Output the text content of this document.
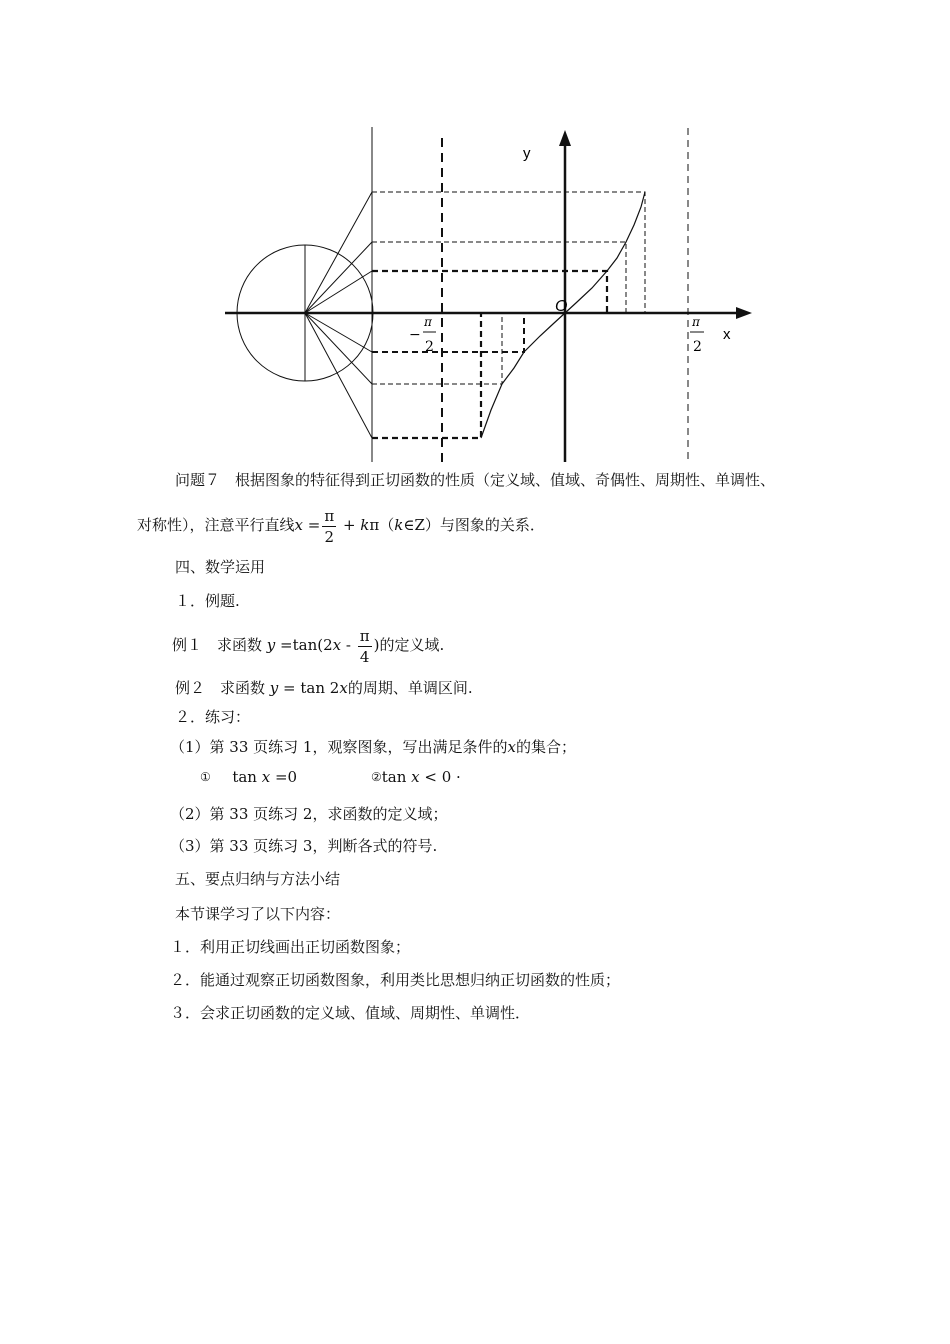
y
x
O
−
π
2
π
2
问题７　根据图象的特征得到正切函数的性质（定义域、值域、奇偶性、周期性、单调性、
对称性），注意平行直线$x = \frac{\pi}{2}$ + kπ（k∈Z）与图象的关系．
四、数学运用
１．例题.
例１　求函数 $y =\tan(2x - \frac{\pi}{4}$ )的定义域.
例２　求函数 y = tan 2x的周期、单调区间.
２．练习：
（1）第 33 页练习 1，观察图象，写出满足条件的x的集合；
① tan x =0	②tan x < 0 ·
（2）第 33 页练习 2，求函数的定义域；
（3）第 33 页练习 3，判断各式的符号.
五、要点归纳与方法小结
本节课学习了以下内容：
１．利用正切线画出正切函数图象；
２．能通过观察正切函数图象，利用类比思想归纳正切函数的性质；
３．会求正切函数的定义域、值域、周期性、单调性．
